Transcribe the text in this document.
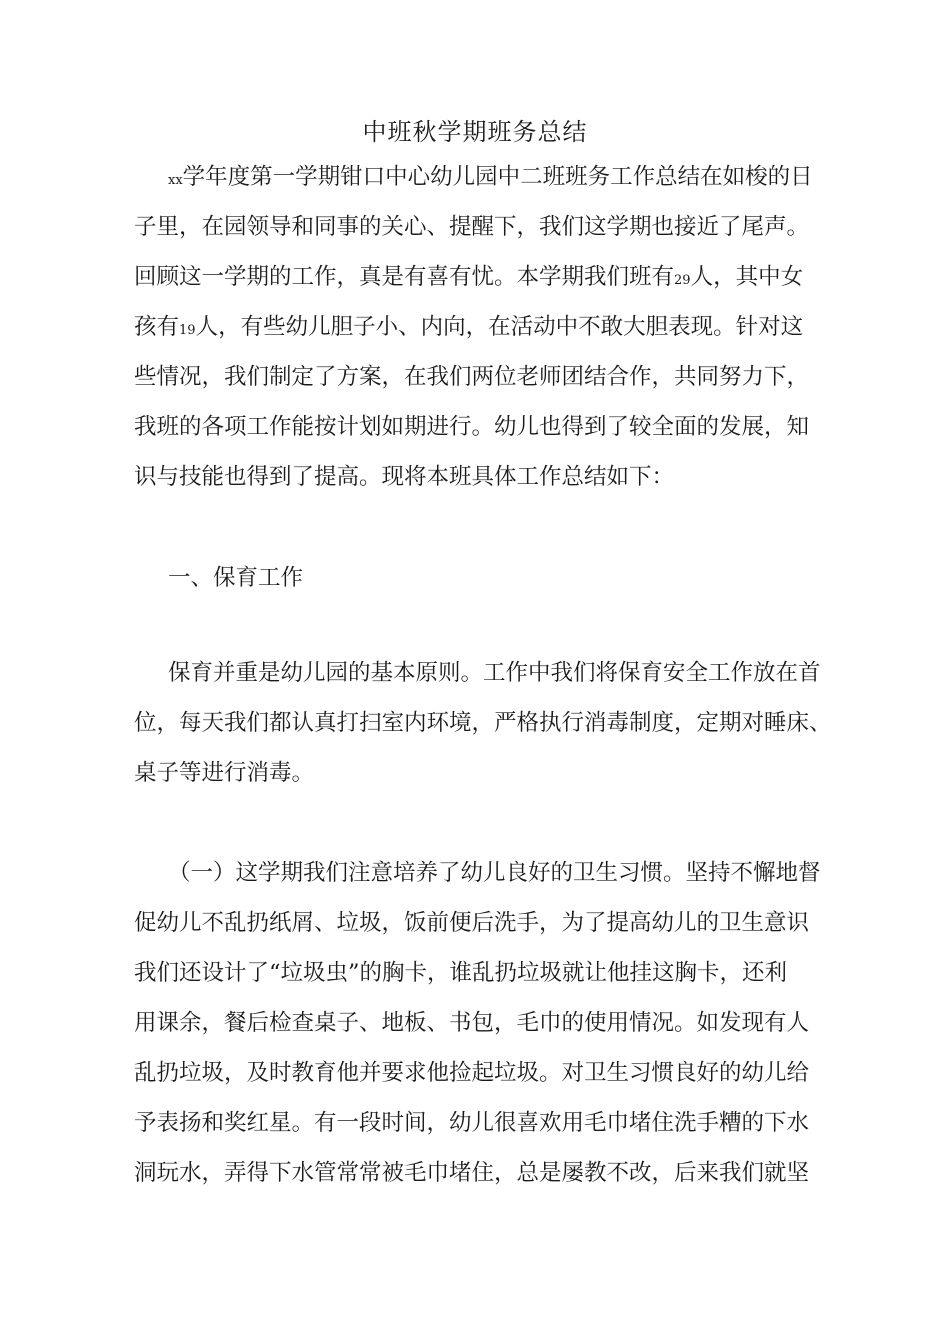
中班秋学期班务总结
xx学年度第一学期钳口中心幼儿园中二班班务工作总结在如梭的日
子里，在园领导和同事的关心、提醒下，我们这学期也接近了尾声。
回顾这一学期的工作，真是有喜有忧。本学期我们班有29人，其中女
孩有19人，有些幼儿胆子小、内向，在活动中不敢大胆表现。针对这
些情况，我们制定了方案，在我们两位老师团结合作，共同努力下，
我班的各项工作能按计划如期进行。幼儿也得到了较全面的发展，知
识与技能也得到了提高。现将本班具体工作总结如下：
一、保育工作
保育并重是幼儿园的基本原则。工作中我们将保育安全工作放在首
位，每天我们都认真打扫室内环境，严格执行消毒制度，定期对睡床、
桌子等进行消毒。
（一）这学期我们注意培养了幼儿良好的卫生习惯。坚持不懈地督
促幼儿不乱扔纸屑、垃圾，饭前便后洗手，为了提高幼儿的卫生意识
我们还设计了“垃圾虫”的胸卡，谁乱扔垃圾就让他挂这胸卡，还利
用课余，餐后检查桌子、地板、书包，毛巾的使用情况。如发现有人
乱扔垃圾，及时教育他并要求他捡起垃圾。对卫生习惯良好的幼儿给
予表扬和奖红星。有一段时间，幼儿很喜欢用毛巾堵住洗手糟的下水
洞玩水，弄得下水管常常被毛巾堵住，总是屡教不改，后来我们就坚
